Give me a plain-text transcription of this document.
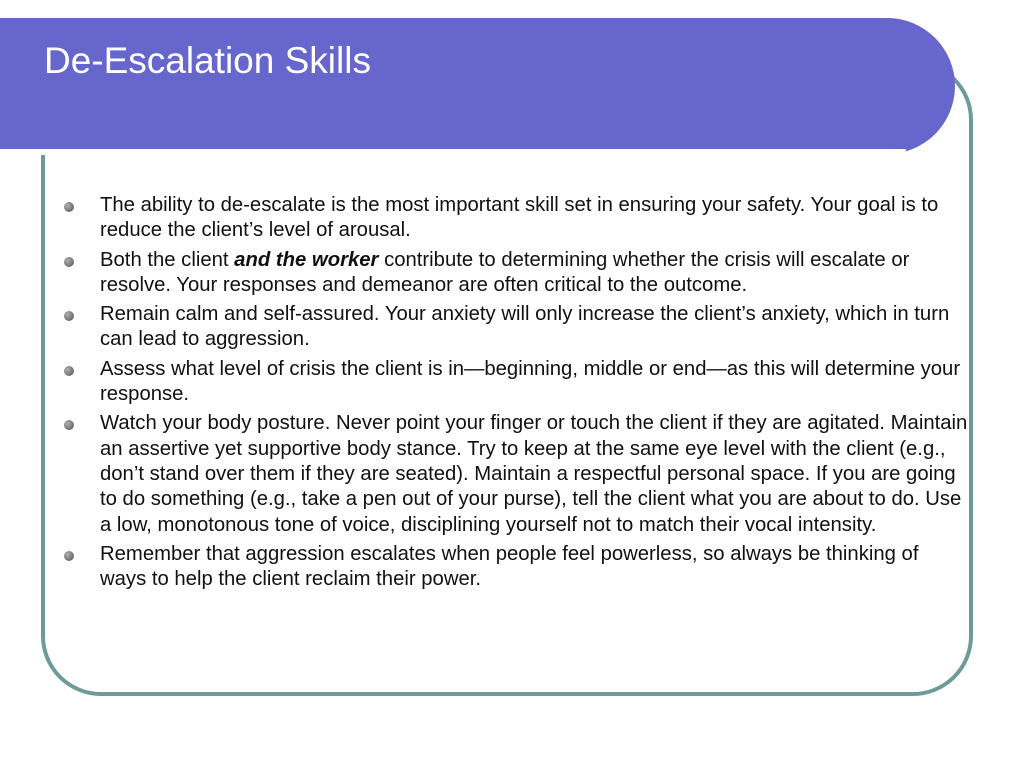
De-Escalation Skills
The ability to de-escalate is the most important skill set in ensuring your safety. Your goal is to reduce the client’s level of arousal.
Both the client and the worker contribute to determining whether the crisis will escalate or resolve. Your responses and demeanor are often critical to the outcome.
Remain calm and self-assured. Your anxiety will only increase the client’s anxiety, which in turn can lead to aggression.
Assess what level of crisis the client is in—beginning, middle or end—as this will determine your response.
Watch your body posture. Never point your finger or touch the client if they are agitated. Maintain an assertive yet supportive body stance. Try to keep at the same eye level with the client (e.g., don’t stand over them if they are seated). Maintain a respectful personal space. If you are going to do something (e.g., take a pen out of your purse), tell the client what you are about to do. Use a low, monotonous tone of voice, disciplining yourself not to match their vocal intensity.
Remember that aggression escalates when people feel powerless, so always be thinking of ways to help the client reclaim their power.
